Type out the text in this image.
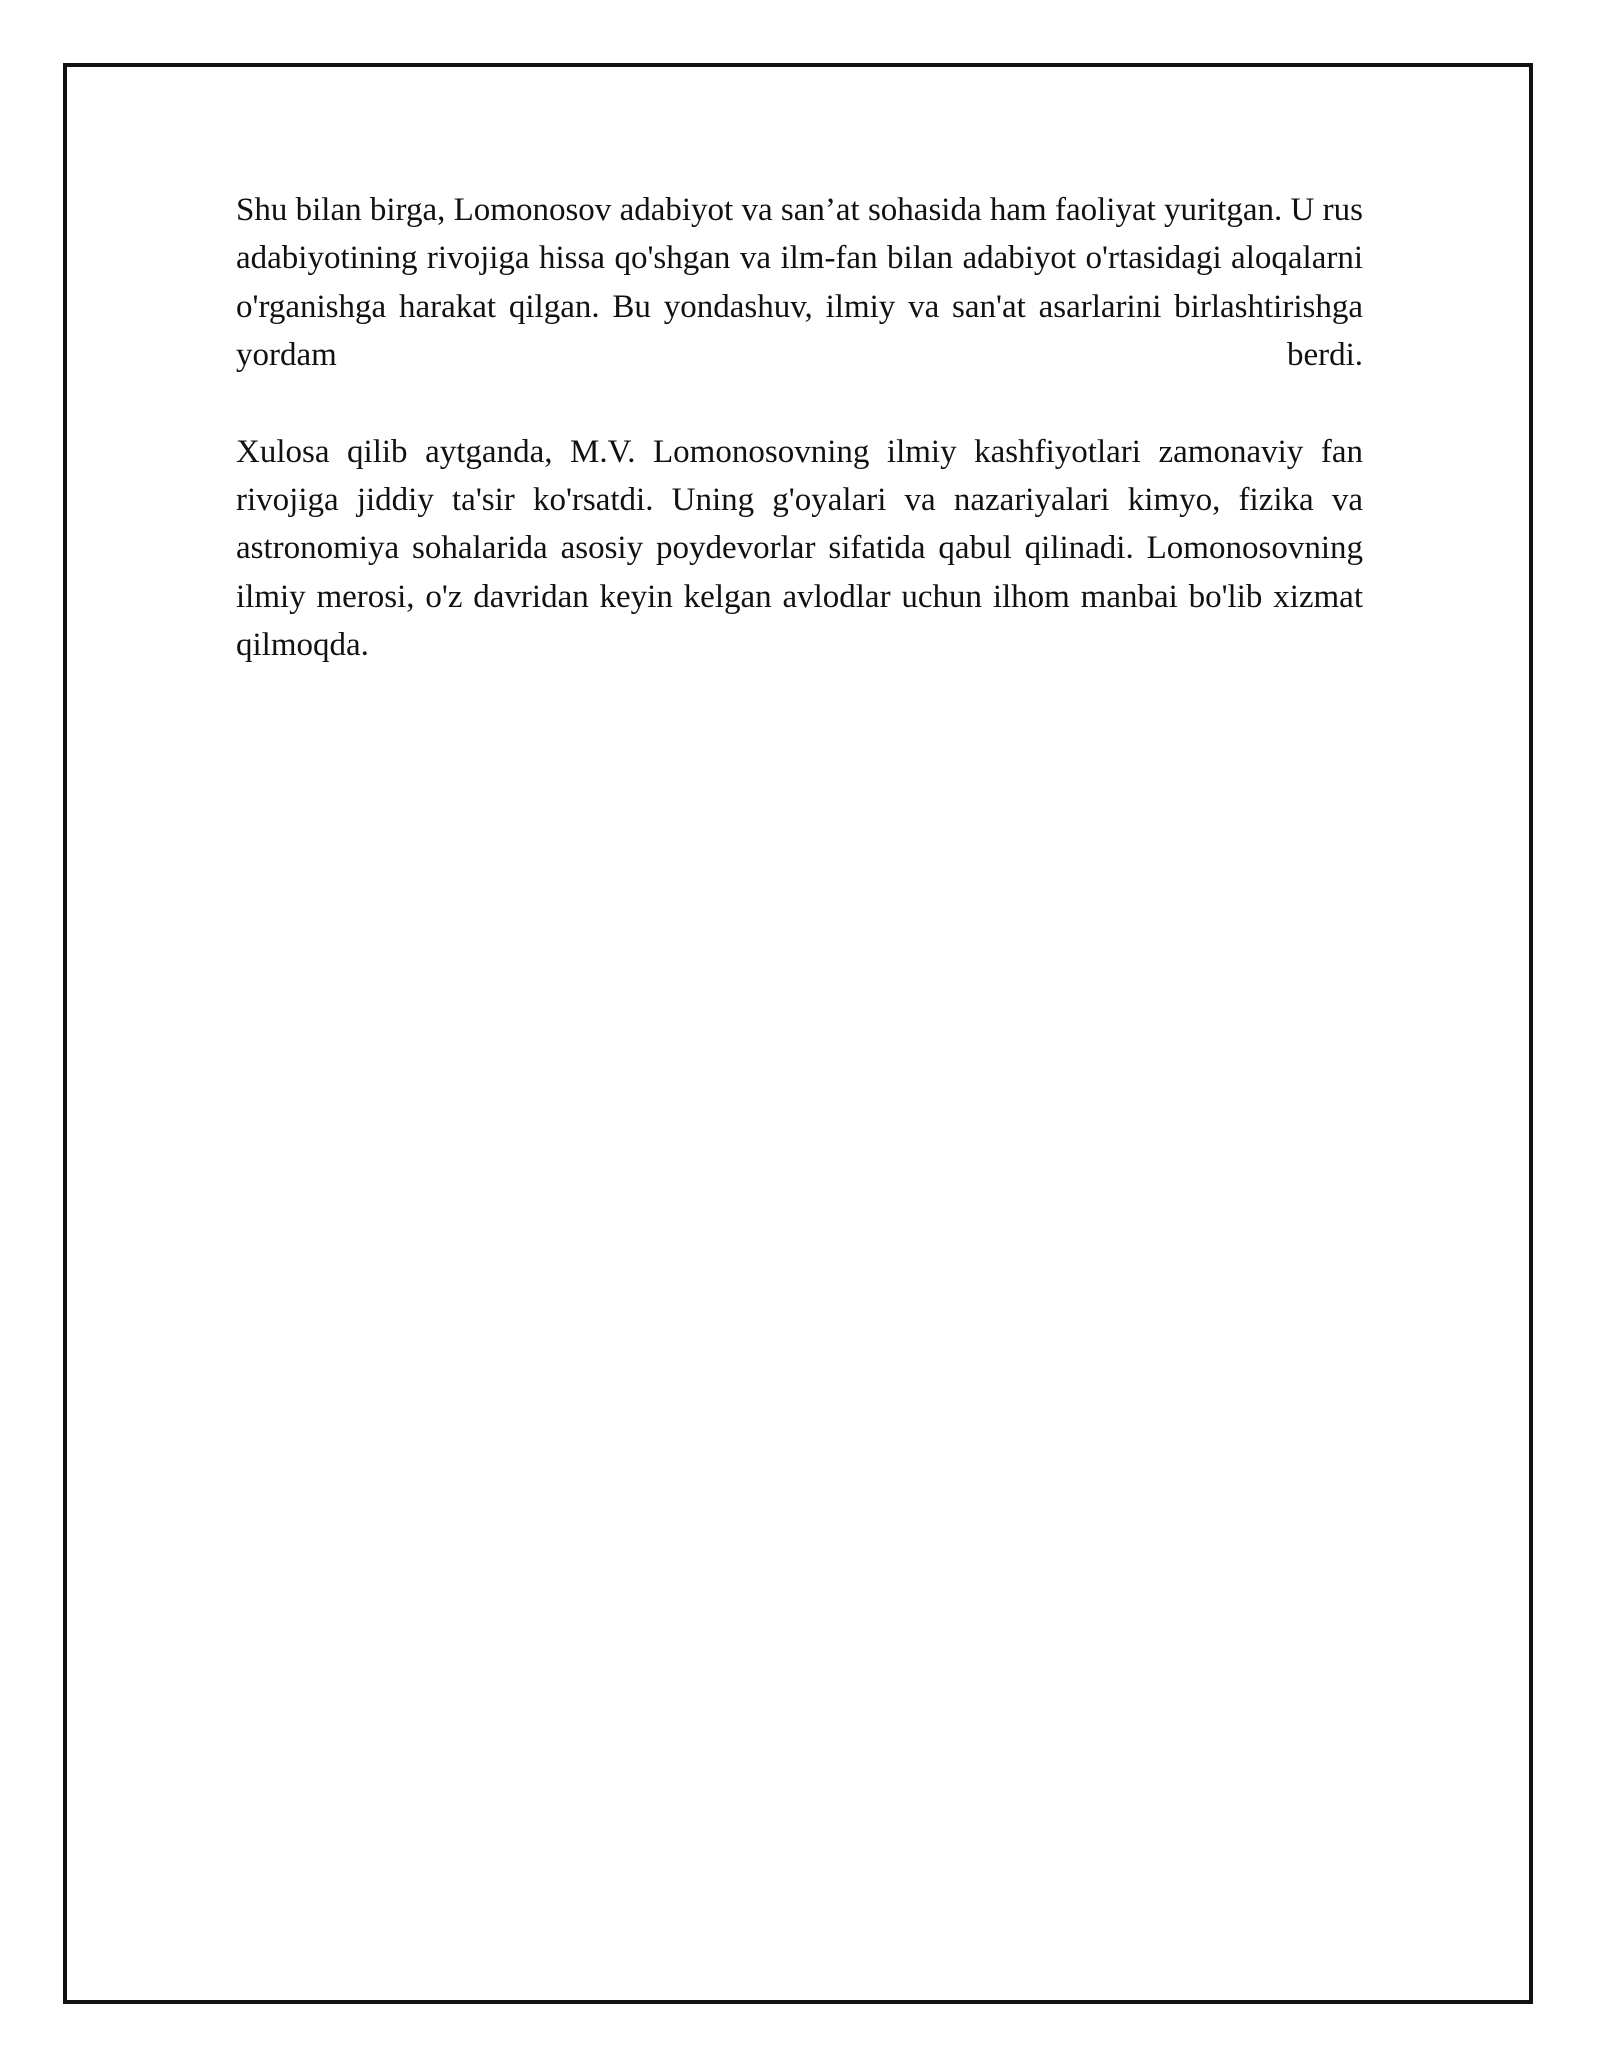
Shu bilan birga, Lomonosov adabiyot va san’at sohasida ham faoliyat yuritgan. U rus adabiyotining rivojiga hissa qo'shgan va ilm-fan bilan adabiyot o'rtasidagi aloqalarni o'rganishga harakat qilgan. Bu yondashuv, ilmiy va san'at asarlarini birlashtirishga yordam berdi.

Xulosa qilib aytganda, M.V. Lomonosovning ilmiy kashfiyotlari zamonaviy fan rivojiga jiddiy ta'sir ko'rsatdi. Uning g'oyalari va nazariyalari kimyo, fizika va astronomiya sohalarida asosiy poydevorlar sifatida qabul qilinadi. Lomonosovning ilmiy merosi, o'z davridan keyin kelgan avlodlar uchun ilhom manbai bo'lib xizmat qilmoqda.
